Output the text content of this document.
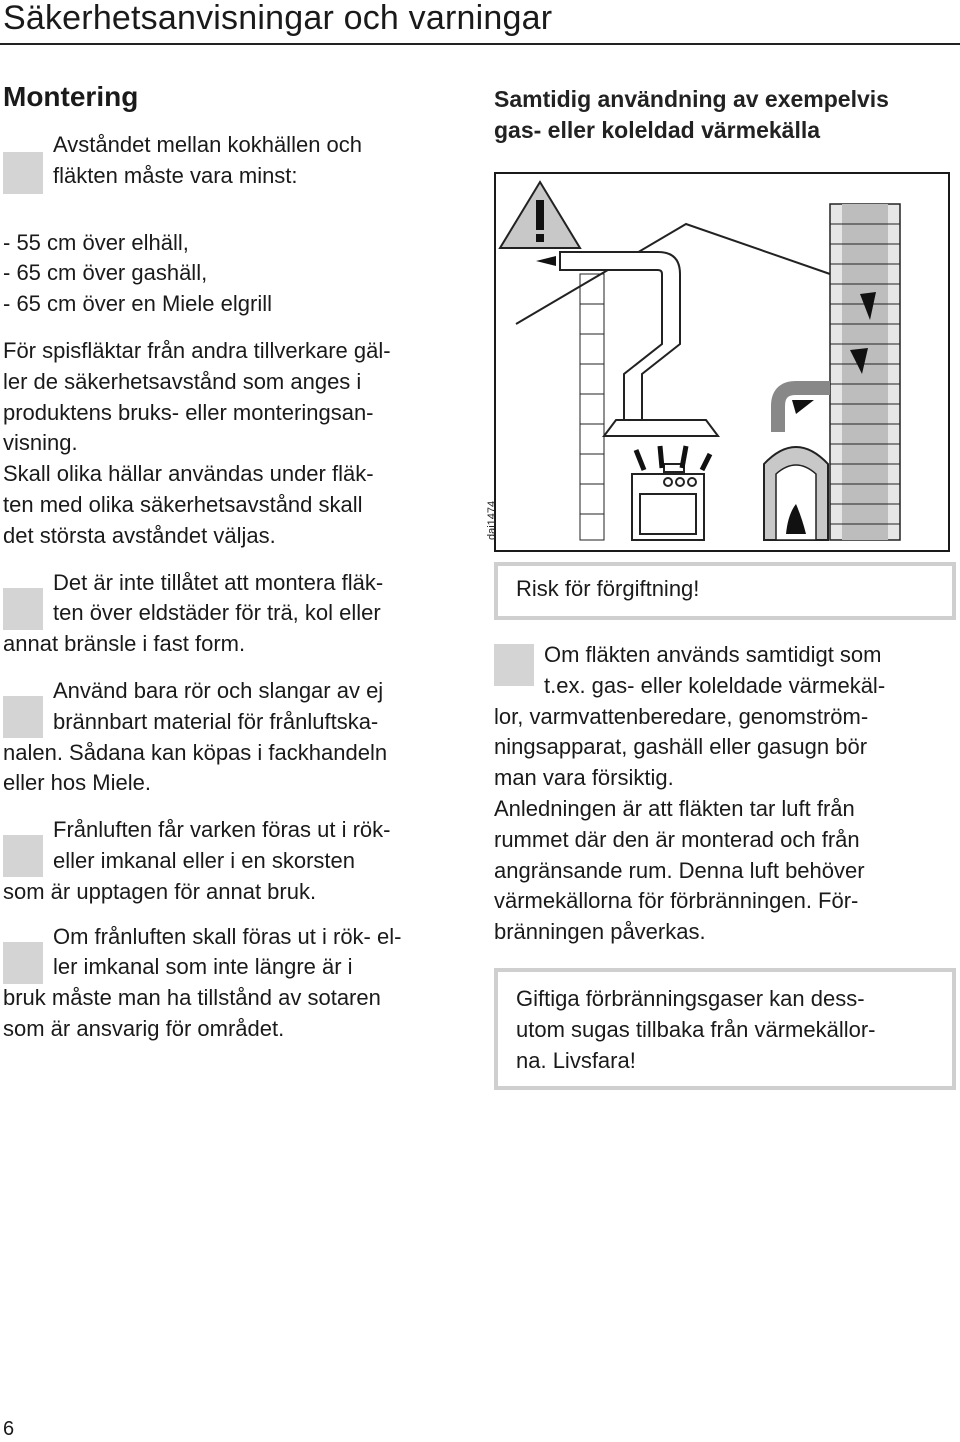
Säkerhetsanvisningar och varningar
Montering

Avståndet mellan kokhällen och
fläkten måste vara minst:

- 55 cm över elhäll,
- 65 cm över gashäll,
- 65 cm över en Miele elgrill

För spisfläktar från andra tillverkare gäl-
ler de säkerhetsavstånd som anges i
produktens bruks- eller monteringsan-
visning.

Skall olika hällar användas under fläk-
ten med olika säkerhetsavstånd skall
det största avståndet väljas.

Det är inte tillåtet att montera fläk-
ten över eldstäder för trä, kol eller
annat bränsle i fast form.

Använd bara rör och slangar av ej
brännbart material för frånluftska-
nalen. Sådana kan köpas i fackhandeln
eller hos Miele.

Frånluften får varken föras ut i rök-
eller imkanal eller i en skorsten
som är upptagen för annat bruk.

Om frånluften skall föras ut i rök- el-
ler imkanal som inte längre är i
bruk måste man ha tillstånd av sotaren
som är ansvarig för området.

Samtidig användning av exempelvis
gas- eller koleldad värmekälla
dai1474

Risk för förgiftning!

Om fläkten används samtidigt som
t.ex. gas- eller koleldade värmekäl-
lor, varmvattenberedare, genomström-
ningsapparat, gashäll eller gasugn bör
man vara försiktig.

Anledningen är att fläkten tar luft från
rummet där den är monterad och från
angränsande rum. Denna luft behöver
värmekällorna för förbränningen. För-
bränningen påverkas.

Giftiga förbränningsgaser kan dess-
utom sugas tillbaka från värmekällor-
na. Livsfara!

6
